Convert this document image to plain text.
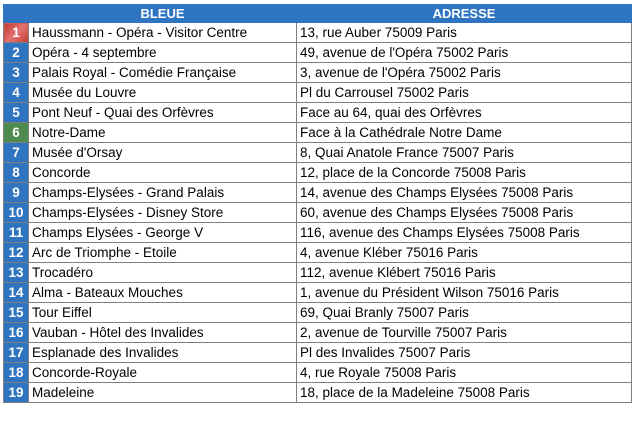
	BLEUE	ADRESSE
1	Haussmann - Opéra - Visitor Centre	13, rue Auber 75009 Paris
2	Opéra - 4 septembre	49, avenue de l'Opéra 75002 Paris
3	Palais Royal - Comédie Française	3, avenue de l'Opéra 75002 Paris
4	Musée du Louvre	Pl du Carrousel 75002 Paris
5	Pont Neuf - Quai des Orfèvres	Face au 64, quai des Orfèvres
6	Notre-Dame	Face à la Cathédrale Notre Dame
7	Musée d'Orsay	8, Quai Anatole France 75007 Paris
8	Concorde	12, place de la Concorde 75008 Paris
9	Champs-Elysées - Grand Palais	14, avenue des Champs Elysées 75008 Paris
10	Champs-Elysées - Disney Store	60, avenue des Champs Elysées 75008 Paris
11	Champs Elysées - George V	116, avenue des Champs Elysées 75008 Paris
12	Arc de Triomphe - Etoile	4, avenue Kléber 75016 Paris
13	Trocadéro	112, avenue Klébert 75016 Paris
14	Alma - Bateaux Mouches	1, avenue du Président Wilson 75016 Paris
15	Tour Eiffel	69, Quai Branly 75007 Paris
16	Vauban - Hôtel des Invalides	2, avenue de Tourville 75007 Paris
17	Esplanade des Invalides	Pl des Invalides 75007 Paris
18	Concorde-Royale	4, rue Royale 75008 Paris
19	Madeleine	18, place de la Madeleine 75008 Paris
